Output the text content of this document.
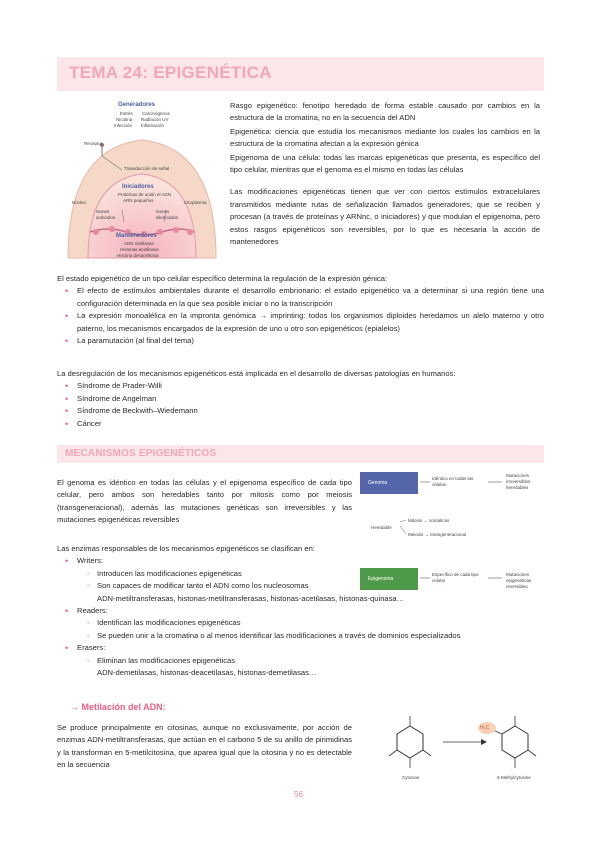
TEMA 24: EPIGENÉTICA
Generadores
Estrés
Nicotina
Infección
Carcinógenos
Radiación UV
Inflamación
Receptor
Transducción de señal
Núcleo	Citoplasma
Iniciadores
Proteínas de unión el ADN
ARN pequeños
Genes activados
Genes silenciados
Mantenedores
ADN metilasas
Histonas acetilasas
Histona desacetilasa

Rasgo epigenético: fenotipo heredado de forma estable causado por cambios en la estructura de la cromatina, no en la secuencia del ADN

Epigenética: ciencia que estudia los mecanismos mediante los cuales los cambios en la estructura de la cromatina afectan a la expresión génica

Epigenoma de una célula: todas las marcas epigenéticas que presenta, es específico del tipo celular, mientras que el genoma es el mismo en todas las células

Las modificaciones epigenéticas tienen que ver con ciertos estímulos extracelulares transmitidos mediante rutas de señalización llamados generadores, que se reciben y procesan (a través de proteínas y ARNnc, o iniciadores) y que modulan el epigenoma, pero estos rasgos epigenéticos son reversibles, por lo que es necesaria la acción de mantenedores

El estado epigenético de un tipo celular específico determina la regulación de la expresión génica:

• El efecto de estímulos ambientales durante el desarrollo embrionario: el estado epigenético va a determinar si una región tiene una configuración determinada en la que sea posible iniciar o no la transcripción
• La expresión monoalélica en la impronta genómica → imprinting: todos los organismos diploides heredamos un alelo materno y otro paterno, los mecanismos encargados de la expresión de uno u otro son epigenéticos (epialelos)
• La paramutación (al final del tema)

La desregulación de los mecanismos epigenéticos está implicada en el desarrollo de diversas patologías en humanos:

• Síndrome de Prader-Willi
• Síndrome de Angelman
• Síndrome de Beckwith–Wiedemann
• Cáncer
MECANISMOS EPIGENÉTICOS
El genoma es idéntico en todas las células y el epigenoma específico de cada tipo celular, pero ambos son heredables tanto por mitosis como por meiosis (transgeneracional), además las mutaciones genéticas son irreversibles y las mutaciones epigenéticas reversibles
Genoma
Idéntico en todas las células
Mutaciones irreversibles heredables
Heredable
Mitosis → somáticas
Meiosis → transgeneracional
Epigenoma
Específico de cada tipo celular
Mutaciones epigenéticas reversibles

Las enzimas responsables de los mecanismos epigenéticos se clasifican en:

• Writers:
◦ Introducen las modificaciones epigenéticas
◦ Son capaces de modificar tanto el ADN como los nucleosomas
ADN-metiltransferasas, histonas-metiltransferasas, histonas-acetilasas, histonas-quinasa…
• Readers:
◦ Identifican las modificaciones epigenéticas
◦ Se pueden unir a la cromatina o al menos identificar las modificaciones a través de dominios especializados
• Erasers:
◦ Eliminan las modificaciones epigenéticas
ADN-demetilasas, histonas-deacetilasas, histonas-demetilasas…
→ Metilación del ADN:
Se produce principalmente en citosinas, aunque no exclusivamente, por acción de enzimas ADN-metiltransferasas, que actúan en el carbono 5 de su anillo de pirimidinas y la transforman en 5-metilcitosina, que aparea igual que la citosina y no es detectable en la secuencia
H₃C
Cytosine	5-Methylcytosine
56
